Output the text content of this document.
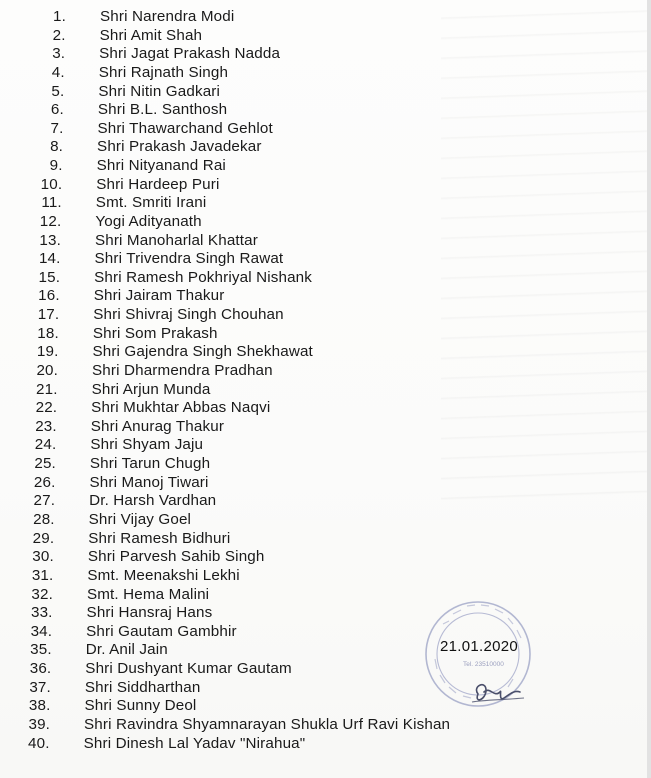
1. Shri Narendra Modi
2. Shri Amit Shah
3. Shri Jagat Prakash Nadda
4. Shri Rajnath Singh
5. Shri Nitin Gadkari
6. Shri B.L. Santhosh
7. Shri Thawarchand Gehlot
8. Shri Prakash Javadekar
9. Shri Nityanand Rai
10. Shri Hardeep Puri
11. Smt. Smriti Irani
12. Yogi Adityanath
13. Shri Manoharlal Khattar
14. Shri Trivendra Singh Rawat
15. Shri Ramesh Pokhriyal Nishank
16. Shri Jairam Thakur
17. Shri Shivraj Singh Chouhan
18. Shri Som Prakash
19. Shri Gajendra Singh Shekhawat
20. Shri Dharmendra Pradhan
21. Shri Arjun Munda
22. Shri Mukhtar Abbas Naqvi
23. Shri Anurag Thakur
24. Shri Shyam Jaju
25. Shri Tarun Chugh
26. Shri Manoj Tiwari
27. Dr. Harsh Vardhan
28. Shri Vijay Goel
29. Shri Ramesh Bidhuri
30. Shri Parvesh Sahib Singh
31. Smt. Meenakshi Lekhi
32. Smt. Hema Malini
33. Shri Hansraj Hans
34. Shri Gautam Gambhir
35. Dr. Anil Jain
36. Shri Dushyant Kumar Gautam
37. Shri Siddharthan
38. Shri Sunny Deol
39. Shri Ravindra Shyamnarayan Shukla Urf Ravi Kishan
40. Shri Dinesh Lal Yadav "Nirahua"
Tel. 23510000
21.01.2020
